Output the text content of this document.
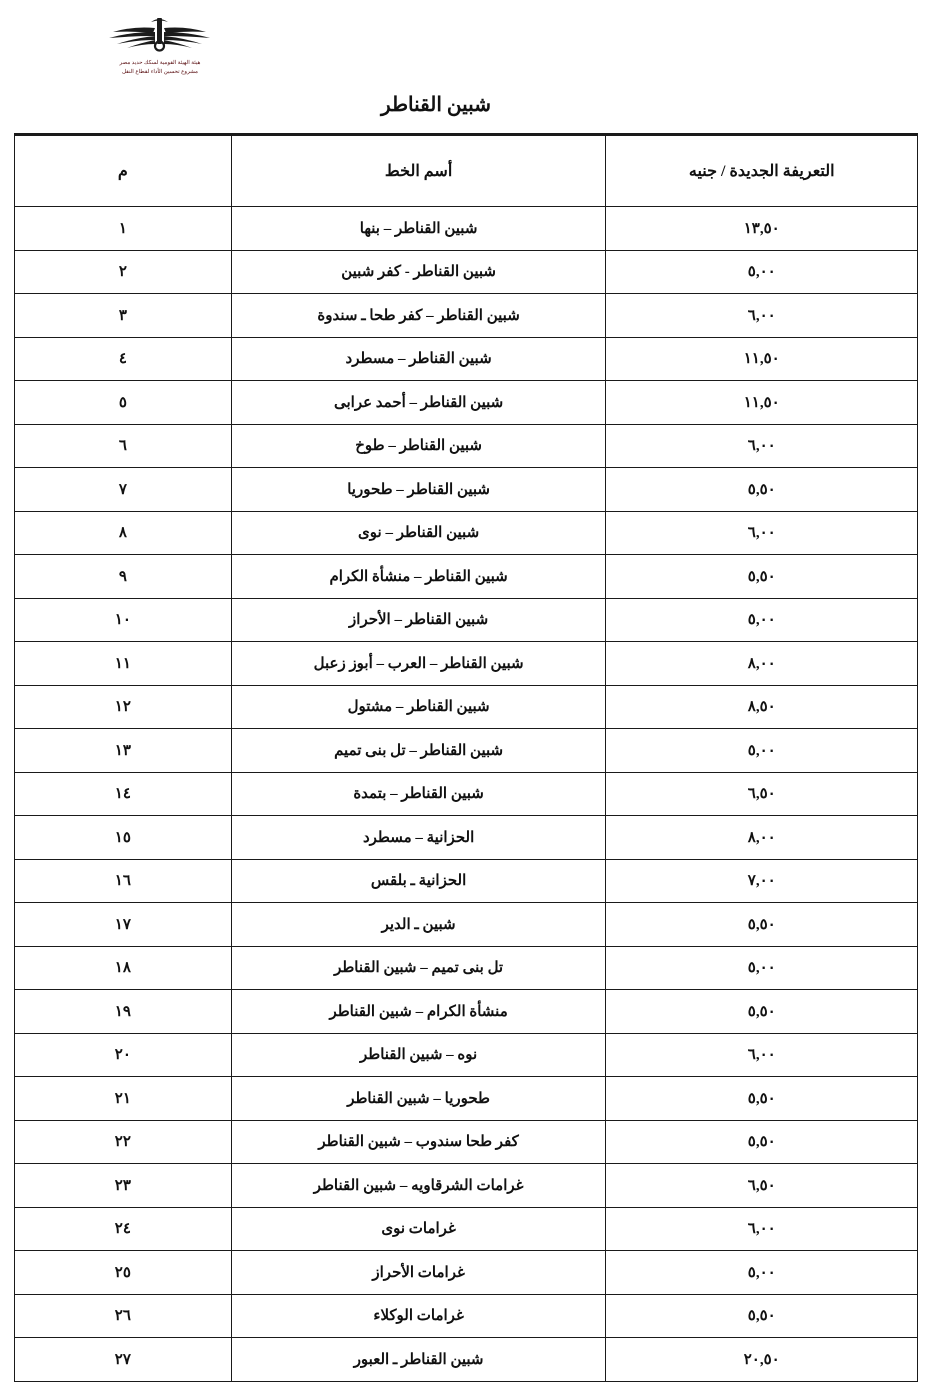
هيئة الهيئة القومية لسكك حديد مصر
مشروع تحسين الأداء لقطاع النقل
شبين القناطر
التعريفة الجديدة / جنيه	أسم الخط	م
١٣,٥٠	شبين القناطر – بنها	١
٥,٠٠	شبين القناطر - كفر شبين	٢
٦,٠٠	شبين القناطر – كفر طحا ـ سندوة	٣
١١,٥٠	شبين القناطر – مسطرد	٤
١١,٥٠	شبين القناطر – أحمد عرابى	٥
٦,٠٠	شبين القناطر – طوخ	٦
٥,٥٠	شبين القناطر – طحوريا	٧
٦,٠٠	شبين القناطر – نوى	٨
٥,٥٠	شبين القناطر – منشأة الكرام	٩
٥,٠٠	شبين القناطر – الأحراز	١٠
٨,٠٠	شبين القناطر – العرب – أبوز زعبل	١١
٨,٥٠	شبين القناطر – مشتول	١٢
٥,٠٠	شبين القناطر – تل بنى تميم	١٣
٦,٥٠	شبين القناطر – بتمدة	١٤
٨,٠٠	الحزانية – مسطرد	١٥
٧,٠٠	الحزانية ـ بلقس	١٦
٥,٥٠	شبين ـ الدير	١٧
٥,٠٠	تل بنى تميم – شبين القناطر	١٨
٥,٥٠	منشأة الكرام – شبين القناطر	١٩
٦,٠٠	نوه – شبين القناطر	٢٠
٥,٥٠	طحوريا – شبين القناطر	٢١
٥,٥٠	كفر طحا سندوب – شبين القناطر	٢٢
٦,٥٠	غرامات الشرقاويه – شبين القناطر	٢٣
٦,٠٠	غرامات نوى	٢٤
٥,٠٠	غرامات الأحراز	٢٥
٥,٥٠	غرامات الوكلاء	٢٦
٢٠,٥٠	شبين القناطر ـ العبور	٢٧
